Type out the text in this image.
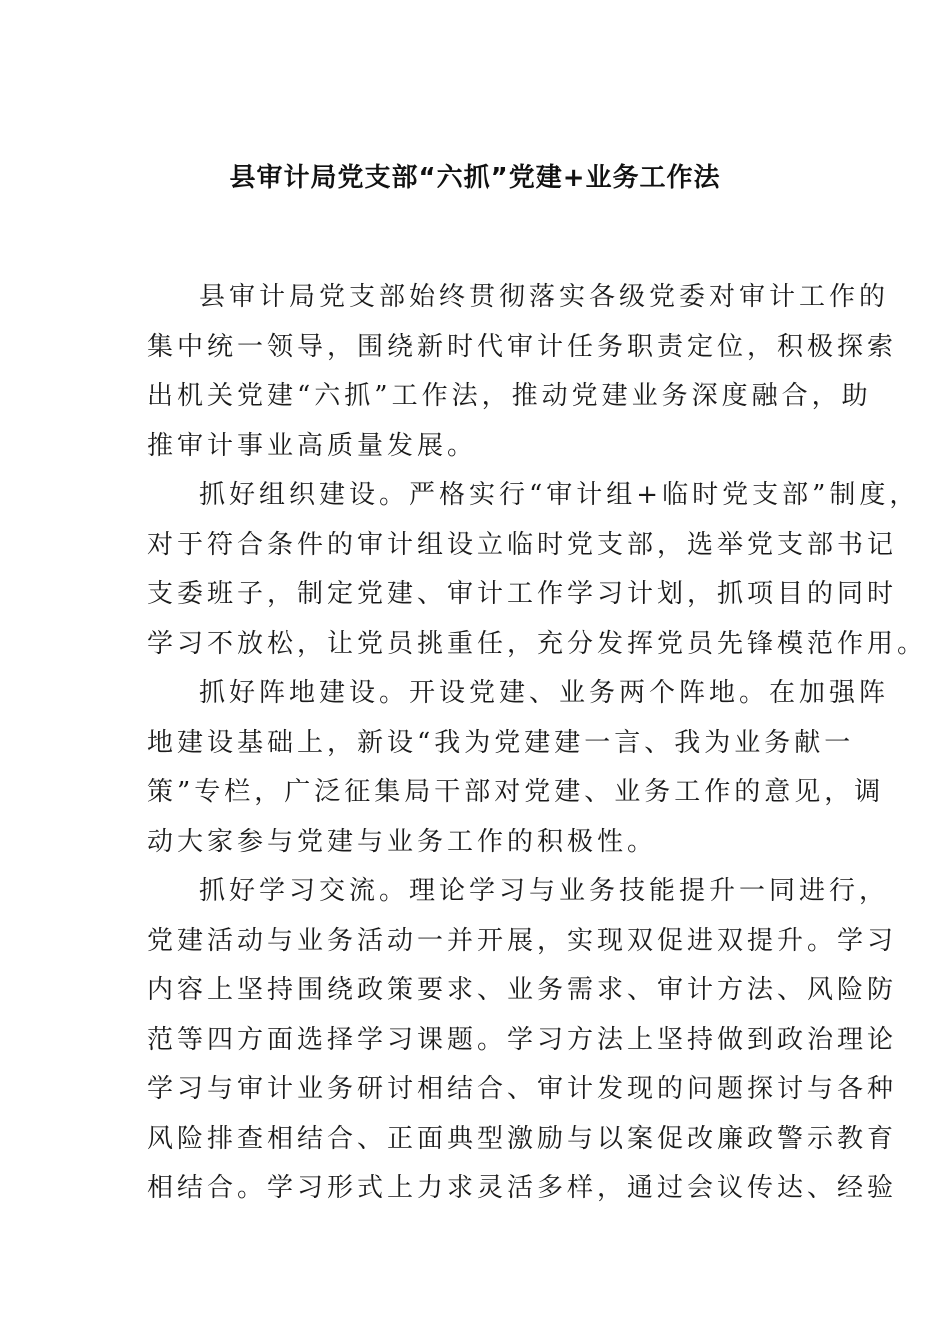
县审计局党支部“六抓”党建+业务工作法
县审计局党支部始终贯彻落实各级党委对审计工作的
集中统一领导，围绕新时代审计任务职责定位，积极探索
出机关党建“六抓”工作法，推动党建业务深度融合，助
推审计事业高质量发展。
抓好组织建设。严格实行“审计组+临时党支部”制度，
对于符合条件的审计组设立临时党支部，选举党支部书记
支委班子，制定党建、审计工作学习计划，抓项目的同时
学习不放松，让党员挑重任，充分发挥党员先锋模范作用。
抓好阵地建设。开设党建、业务两个阵地。在加强阵
地建设基础上，新设“我为党建建一言、我为业务献一
策”专栏，广泛征集局干部对党建、业务工作的意见，调
动大家参与党建与业务工作的积极性。
抓好学习交流。理论学习与业务技能提升一同进行，
党建活动与业务活动一并开展，实现双促进双提升。学习
内容上坚持围绕政策要求、业务需求、审计方法、风险防
范等四方面选择学习课题。学习方法上坚持做到政治理论
学习与审计业务研讨相结合、审计发现的问题探讨与各种
风险排查相结合、正面典型激励与以案促改廉政警示教育
相结合。学习形式上力求灵活多样，通过会议传达、经验
